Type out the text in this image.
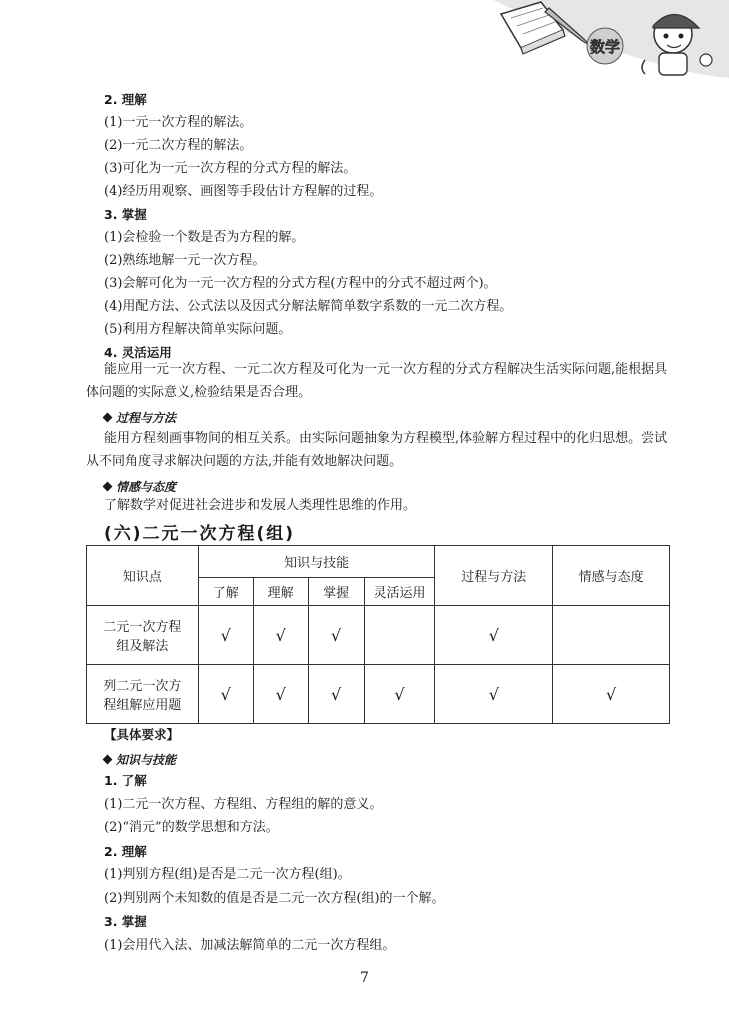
数学
2. 理解
(1)一元一次方程的解法。
(2)一元二次方程的解法。
(3)可化为一元一次方程的分式方程的解法。
(4)经历用观察、画图等手段估计方程解的过程。
3. 掌握
(1)会检验一个数是否为方程的解。
(2)熟练地解一元一次方程。
(3)会解可化为一元一次方程的分式方程(方程中的分式不超过两个)。
(4)用配方法、公式法以及因式分解法解简单数字系数的一元二次方程。
(5)利用方程解决简单实际问题。
4. 灵活运用
能应用一元一次方程、一元二次方程及可化为一元一次方程的分式方程解决生活实际问题,能根据具体问题的实际意义,检验结果是否合理。
过程与方法
能用方程刻画事物间的相互关系。由实际问题抽象为方程模型,体验解方程过程中的化归思想。尝试从不同角度寻求解决问题的方法,并能有效地解决问题。
情感与态度
了解数学对促进社会进步和发展人类理性思维的作用。
(六)二元一次方程(组)
知识点	知识与技能				过程与方法	情感与态度
	了解	理解	掌握	灵活运用		
二元一次方程组及解法	√	√	√		√	
列二元一次方程组解应用题	√	√	√	√	√	√
【具体要求】
知识与技能
1. 了解
(1)二元一次方程、方程组、方程组的解的意义。
(2)“消元”的数学思想和方法。
2. 理解
(1)判别方程(组)是否是二元一次方程(组)。
(2)判别两个未知数的值是否是二元一次方程(组)的一个解。
3. 掌握
(1)会用代入法、加减法解简单的二元一次方程组。
7
